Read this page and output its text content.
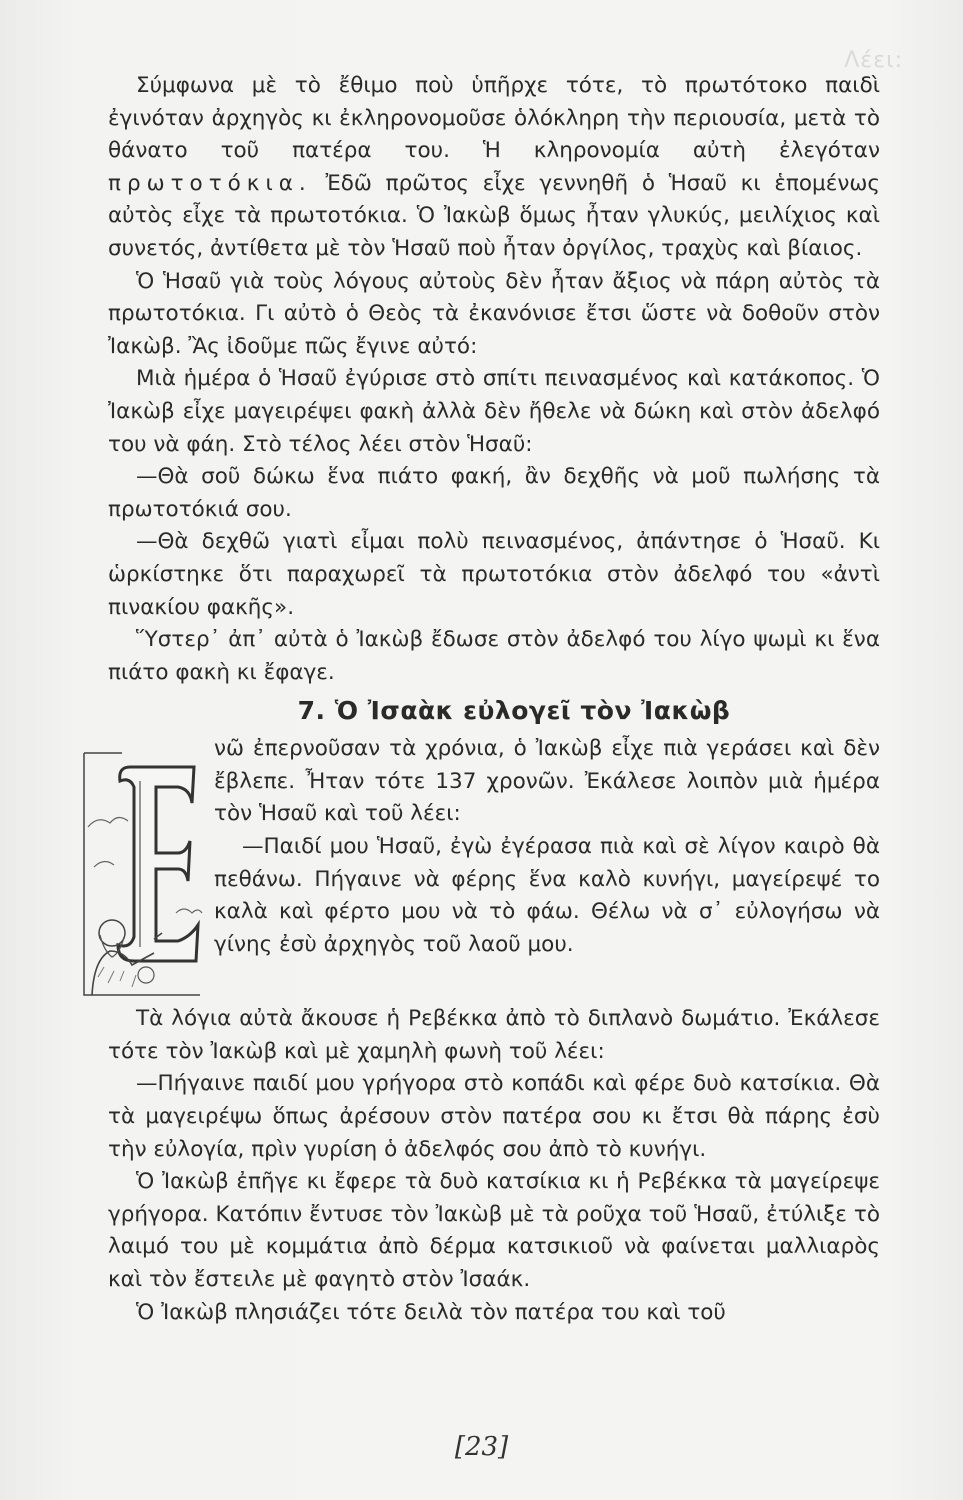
Λέει:

Σύμφωνα μὲ τὸ ἔθιμο ποὺ ὑπῆρχε τότε, τὸ πρωτότοκο παιδὶ ἐγινόταν ἀρχηγὸς κι ἐκληρονομοῦσε ὁλόκληρη τὴν περιουσία, μετὰ τὸ θάνατο τοῦ πατέρα του. Ἡ κληρονομία αὐτὴ ἐλεγόταν πρωτοτόκια. Ἐδῶ πρῶτος εἶχε γεννηθῆ ὁ Ἡσαῦ κι ἑπομένως αὐτὸς εἶχε τὰ πρωτοτόκια. Ὁ Ἰακὼβ ὅμως ἦταν γλυκύς, μειλίχιος καὶ συνετός, ἀντίθετα μὲ τὸν Ἡσαῦ ποὺ ἦταν ὀργίλος, τραχὺς καὶ βίαιος.

Ὁ Ἡσαῦ γιὰ τοὺς λόγους αὐτοὺς δὲν ἦταν ἄξιος νὰ πάρη αὐτὸς τὰ πρωτοτόκια. Γι αὐτὸ ὁ Θεὸς τὰ ἐκανόνισε ἔτσι ὥστε νὰ δοθοῦν στὸν Ἰακὼβ. Ἂς ἰδοῦμε πῶς ἔγινε αὐτό:

Μιὰ ἡμέρα ὁ Ἡσαῦ ἐγύρισε στὸ σπίτι πεινασμένος καὶ κατάκοπος. Ὁ Ἰακὼβ εἶχε μαγειρέψει φακὴ ἀλλὰ δὲν ἤθελε νὰ δώκη καὶ στὸν ἀδελφό του νὰ φάη. Στὸ τέλος λέει στὸν Ἡσαῦ:

—Θὰ σοῦ δώκω ἕνα πιάτο φακή, ἂν δεχθῆς νὰ μοῦ πωλήσης τὰ πρωτοτόκιά σου.

—Θὰ δεχθῶ γιατὶ εἶμαι πολὺ πεινασμένος, ἀπάντησε ὁ Ἡσαῦ. Κι ὡρκίστηκε ὅτι παραχωρεῖ τὰ πρωτοτόκια στὸν ἀδελφό του «ἀντὶ πινακίου φακῆς».

Ὕστερ᾽ ἀπ᾽ αὐτὰ ὁ Ἰακὼβ ἔδωσε στὸν ἀδελφό του λίγο ψωμὶ κι ἕνα πιάτο φακὴ κι ἔφαγε.

7. Ὁ Ἰσαὰκ εὐλογεῖ τὸν Ἰακὼβ

νῶ ἐπερνοῦσαν τὰ χρόνια, ὁ Ἰακὼβ εἶχε πιὰ γεράσει καὶ δὲν ἔβλεπε. Ἦταν τότε 137 χρονῶν. Ἐκάλεσε λοιπὸν μιὰ ἡμέρα τὸν Ἡσαῦ καὶ τοῦ λέει:

—Παιδί μου Ἡσαῦ, ἐγὼ ἐγέρασα πιὰ καὶ σὲ λίγον καιρὸ θὰ πεθάνω. Πήγαινε νὰ φέρης ἕνα καλὸ κυνήγι, μαγείρεψέ το καλὰ καὶ φέρτο μου νὰ τὸ φάω. Θέλω νὰ σ᾽ εὐλογήσω νὰ γίνης ἐσὺ ἀρχηγὸς τοῦ λαοῦ μου.

Τὰ λόγια αὐτὰ ἄκουσε ἡ Ρεβέκκα ἀπὸ τὸ διπλανὸ δωμάτιο. Ἐκάλεσε τότε τὸν Ἰακὼβ καὶ μὲ χαμηλὴ φωνὴ τοῦ λέει:

—Πήγαινε παιδί μου γρήγορα στὸ κοπάδι καὶ φέρε δυὸ κατσίκια. Θὰ τὰ μαγειρέψω ὅπως ἀρέσουν στὸν πατέρα σου κι ἔτσι θὰ πάρης ἐσὺ τὴν εὐλογία, πρὶν γυρίση ὁ ἀδελφός σου ἀπὸ τὸ κυνήγι.

Ὁ Ἰακὼβ ἐπῆγε κι ἔφερε τὰ δυὸ κατσίκια κι ἡ Ρεβέκκα τὰ μαγείρεψε γρήγορα. Κατόπιν ἔντυσε τὸν Ἰακὼβ μὲ τὰ ροῦχα τοῦ Ἡσαῦ, ἐτύλιξε τὸ λαιμό του μὲ κομμάτια ἀπὸ δέρμα κατσικιοῦ νὰ φαίνεται μαλλιαρὸς καὶ τὸν ἔστειλε μὲ φαγητὸ στὸν Ἰσαάκ.

Ὁ Ἰακὼβ πλησιάζει τότε δειλὰ τὸν πατέρα του καὶ τοῦ

[23]
